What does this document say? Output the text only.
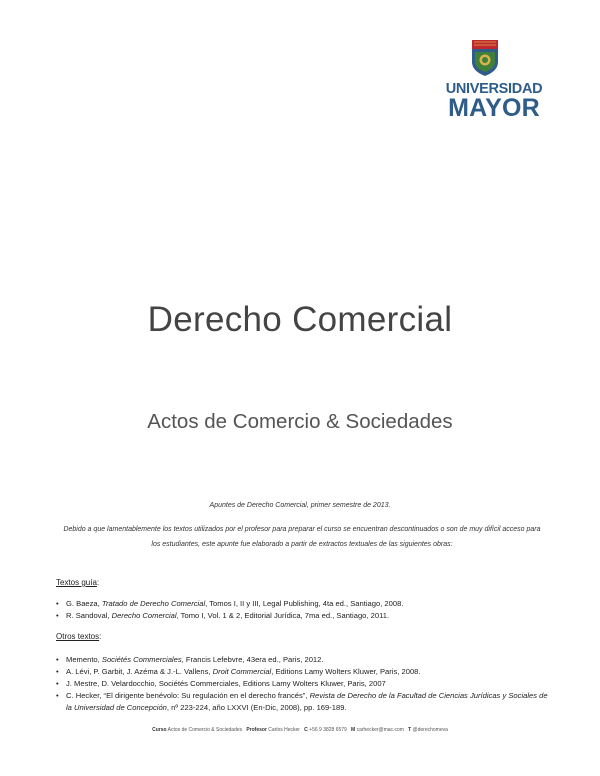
UNIVERSIDAD
MAYOR
Derecho Comercial
Actos de Comercio & Sociedades
Apuntes de Derecho Comercial, primer semestre de 2013.
Debido a que lamentablemente los textos utilizados por el profesor para preparar el curso se encuentran descontinuados o son de muy difícil acceso para los estudiantes, este apunte fue elaborado a partir de extractos textuales de las siguientes obras:
Textos guía:
• G. Baeza, Tratado de Derecho Comercial, Tomos I, II y III, Legal Publishing, 4ta ed., Santiago, 2008.
• R. Sandoval, Derecho Comercial, Tomo I, Vol. 1 & 2, Editorial Jurídica, 7ma ed., Santiago, 2011.
Otros textos:
• Memento, Sociétés Commerciales, Francis Lefebvre, 43era ed., Paris, 2012.
• A. Lévi, P. Garbit, J. Azéma & J.-L. Vallens, Droit Commercial, Editions Lamy Wolters Kluwer, Paris, 2008.
• J. Mestre, D. Velardocchio, Sociétés Commerciales, Editions Lamy Wolters Kluwer, Paris, 2007
• C. Hecker, “El dirigente benévolo: Su regulación en el derecho francés”, Revista de Derecho de la Facultad de Ciencias Jurídicas y Sociales de la Universidad de Concepción, nº 223-224, año LXXVI (En-Dic, 2008), pp. 169-189.
Curso Actos de Comercio & Sociedades Profesor Carlos Hecker C +56 9 3828 6579 M carhecker@mac.com T @derechomeva
